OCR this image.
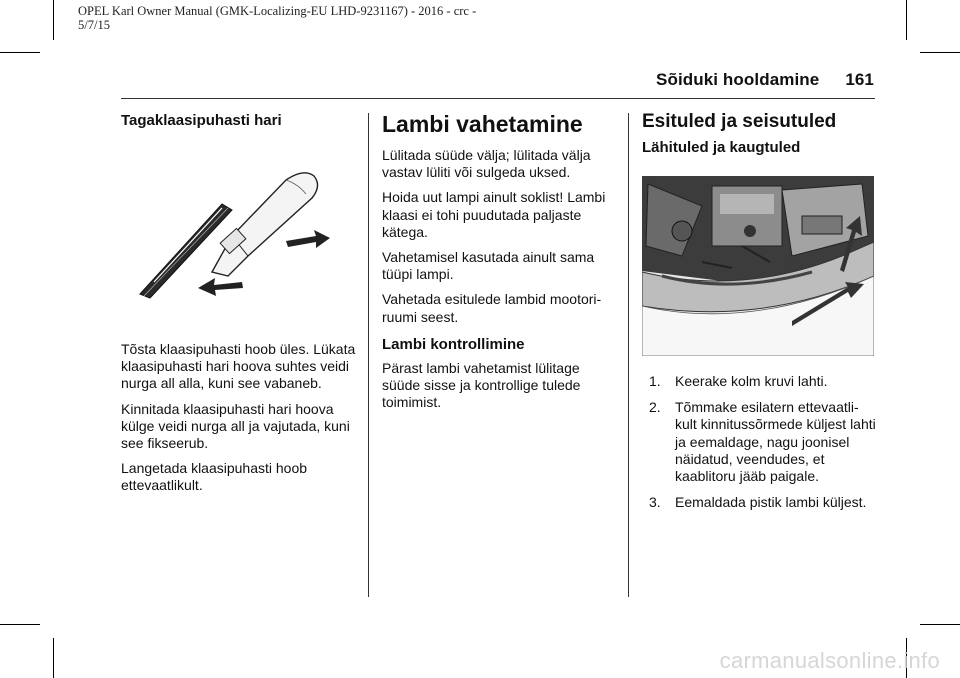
OPEL Karl Owner Manual (GMK-Localizing-EU LHD-9231167) - 2016 - crc -
5/7/15
Sõiduki hooldamine 161
Tagaklaasipuhasti hari

Tõsta klaasipuhasti hoob üles. Lükata klaasipuhasti hari hoova suhtes veidi nurga all alla, kuni see vabaneb.

Kinnitada klaasipuhasti hari hoova külge veidi nurga all ja vajutada, kuni see fikseerub.

Langetada klaasipuhasti hoob ettevaatlikult.

Lambi vahetamine

Lülitada süüde välja; lülitada välja vastav lüliti või sulgeda uksed.

Hoida uut lampi ainult soklist! Lambi klaasi ei tohi puudutada paljaste kätega.

Vahetamisel kasutada ainult sama tüüpi lampi.

Vahetada esitulede lambid mootori-ruumi seest.

Lambi kontrollimine

Pärast lambi vahetamist lülitage süüde sisse ja kontrollige tulede toimimist.

Esituled ja seisutuled
Lähituled ja kaugtuled
1. Keerake kolm kruvi lahti.
2. Tõmmake esilatern ettevaatli-kult kinnitussõrmede küljest lahti ja eemaldage, nagu joonisel näidatud, veendudes, et kaablitoru jääb paigale.
3. Eemaldada pistik lambi küljest.
carmanualsonline.info
